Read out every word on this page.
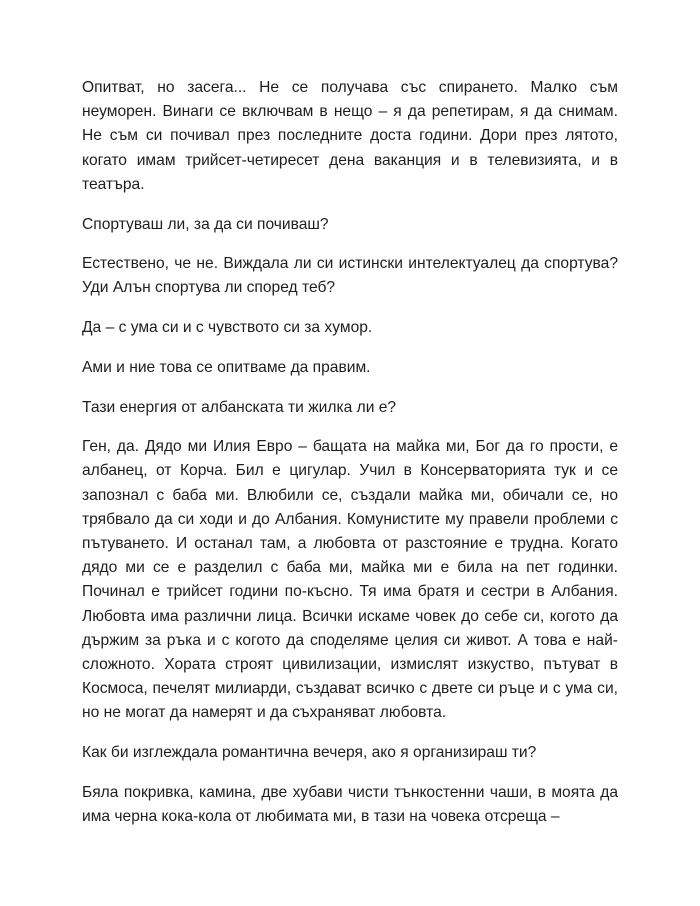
Опитват, но засега... Не се получава със спирането. Малко съм неуморен. Винаги се включвам в нещо – я да репетирам, я да снимам. Не съм си почивал през последните доста години. Дори през лятото, когато имам трийсет-четиресет дена ваканция и в телевизията, и в театъра.

Спортуваш ли, за да си почиваш?

Естествено, че не. Виждала ли си истински интелектуалец да спортува? Уди Алън спортува ли според теб?

Да – с ума си и с чувството си за хумор.

Ами и ние това се опитваме да правим.

Тази енергия от албанската ти жилка ли е?

Ген, да. Дядо ми Илия Евро – бащата на майка ми, Бог да го прости, е албанец, от Корча. Бил е цигулар. Учил в Консерваторията тук и се запознал с баба ми. Влюбили се, създали майка ми, обичали се, но трябвало да си ходи и до Албания. Комунистите му правели проблеми с пътуването. И останал там, а любовта от разстояние е трудна. Когато дядо ми се е разделил с баба ми, майка ми е била на пет годинки. Починал е трийсет години по-късно. Тя има братя и сестри в Албания. Любовта има различни лица. Всички искаме човек до себе си, когото да държим за ръка и с когото да споделяме целия си живот. А това е най-сложното. Хората строят цивилизации, измислят изкуство, пътуват в Космоса, печелят милиарди, създават всичко с двете си ръце и с ума си, но не могат да намерят и да съхраняват любовта.

Как би изглеждала романтична вечеря, ако я организираш ти?

Бяла покривка, камина, две хубави чисти тънкостенни чаши, в моята да има черна кока-кола от любимата ми, в тази на човека отсреща –
